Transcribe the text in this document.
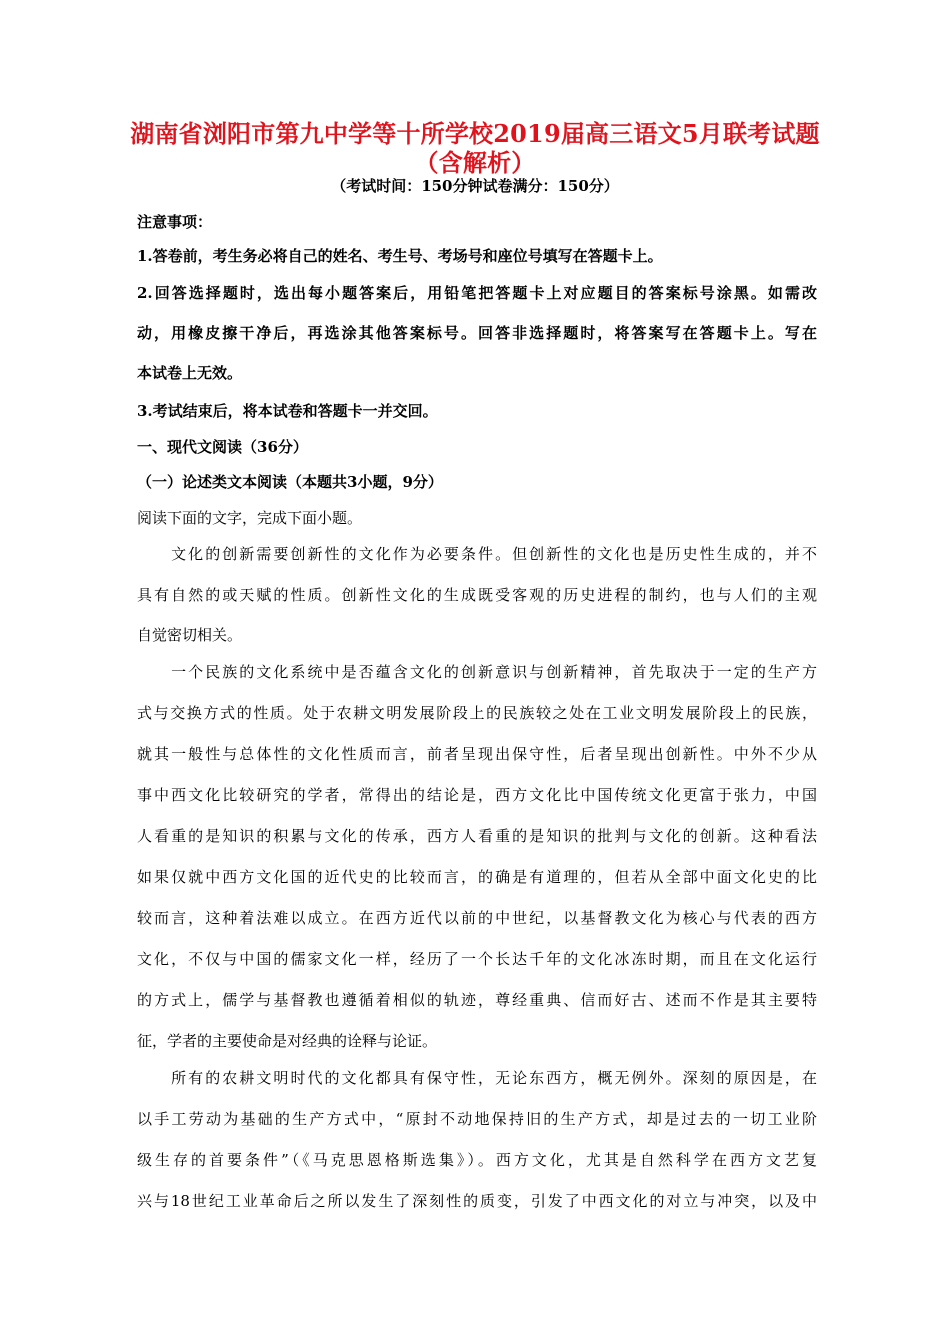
湖南省浏阳市第九中学等十所学校2019届高三语文5月联考试题（含解析）
（考试时间：150分钟试卷满分：150分）
注意事项：
1.答卷前，考生务必将自己的姓名、考生号、考场号和座位号填写在答题卡上。
2.回答选择题时，选出每小题答案后，用铅笔把答题卡上对应题目的答案标号涂黑。如需改
动，用橡皮擦干净后，再选涂其他答案标号。回答非选择题时，将答案写在答题卡上。写在
本试卷上无效。
3.考试结束后，将本试卷和答题卡一并交回。
一、现代文阅读（36分）
（一）论述类文本阅读（本题共3小题，9分）
阅读下面的文字，完成下面小题。
　　文化的创新需要创新性的文化作为必要条件。但创新性的文化也是历史性生成的，并不
具有自然的或天赋的性质。创新性文化的生成既受客观的历史进程的制约，也与人们的主观
自觉密切相关。
　　一个民族的文化系统中是否蕴含文化的创新意识与创新精神，首先取决于一定的生产方
式与交换方式的性质。处于农耕文明发展阶段上的民族较之处在工业文明发展阶段上的民族，
就其一般性与总体性的文化性质而言，前者呈现出保守性，后者呈现出创新性。中外不少从
事中西文化比较研究的学者，常得出的结论是，西方文化比中国传统文化更富于张力，中国
人看重的是知识的积累与文化的传承，西方人看重的是知识的批判与文化的创新。这种看法
如果仅就中西方文化国的近代史的比较而言，的确是有道理的，但若从全部中面文化史的比
较而言，这种着法难以成立。在西方近代以前的中世纪，以基督教文化为核心与代表的西方
文化，不仅与中国的儒家文化一样，经历了一个长达千年的文化冰冻时期，而且在文化运行
的方式上，儒学与基督教也遵循着相似的轨迹，尊经重典、信而好古、述而不作是其主要特
征，学者的主要使命是对经典的诠释与论证。
　　所有的农耕文明时代的文化都具有保守性，无论东西方，概无例外。深刻的原因是，在
以手工劳动为基础的生产方式中，“原封不动地保持旧的生产方式，却是过去的一切工业阶
级生存的首要条件”（《马克思恩格斯选集》）。西方文化，尤其是自然科学在西方文艺复
兴与18世纪工业革命后之所以发生了深刻性的质变，引发了中西文化的对立与冲突，以及中
